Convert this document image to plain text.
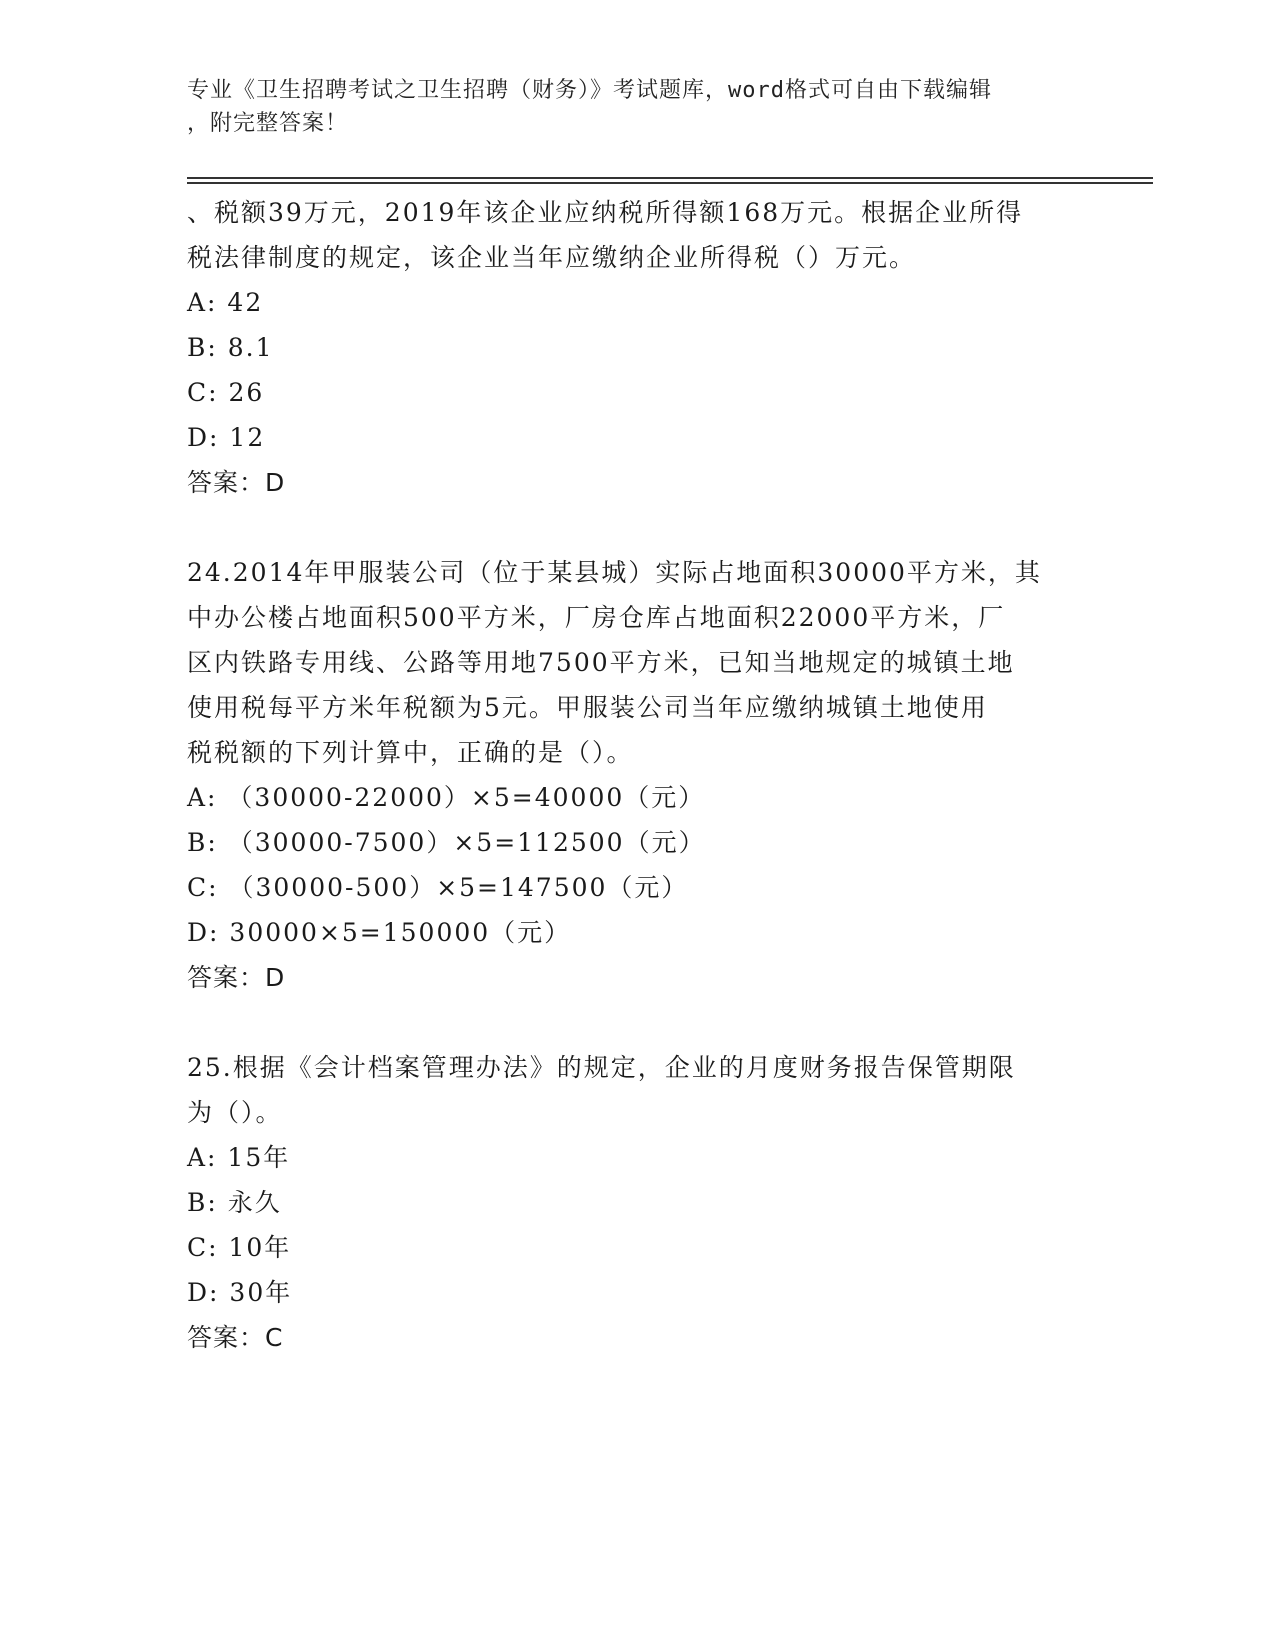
专业《卫生招聘考试之卫生招聘（财务）》考试题库，word格式可自由下载编辑
，附完整答案！
、税额39万元，2019年该企业应纳税所得额168万元。根据企业所得
税法律制度的规定，该企业当年应缴纳企业所得税（）万元。
A: 42
B: 8.1
C: 26
D: 12
答案：D
24.2014年甲服装公司（位于某县城）实际占地面积30000平方米，其
中办公楼占地面积500平方米，厂房仓库占地面积22000平方米，厂
区内铁路专用线、公路等用地7500平方米，已知当地规定的城镇土地
使用税每平方米年税额为5元。甲服装公司当年应缴纳城镇土地使用
税税额的下列计算中，正确的是（）。
A: （30000-22000）×5=40000（元）
B: （30000-7500）×5=112500（元）
C: （30000-500）×5=147500（元）
D: 30000×5=150000（元）
答案：D
25.根据《会计档案管理办法》的规定，企业的月度财务报告保管期限
为（）。
A: 15年
B: 永久
C: 10年
D: 30年
答案：C
